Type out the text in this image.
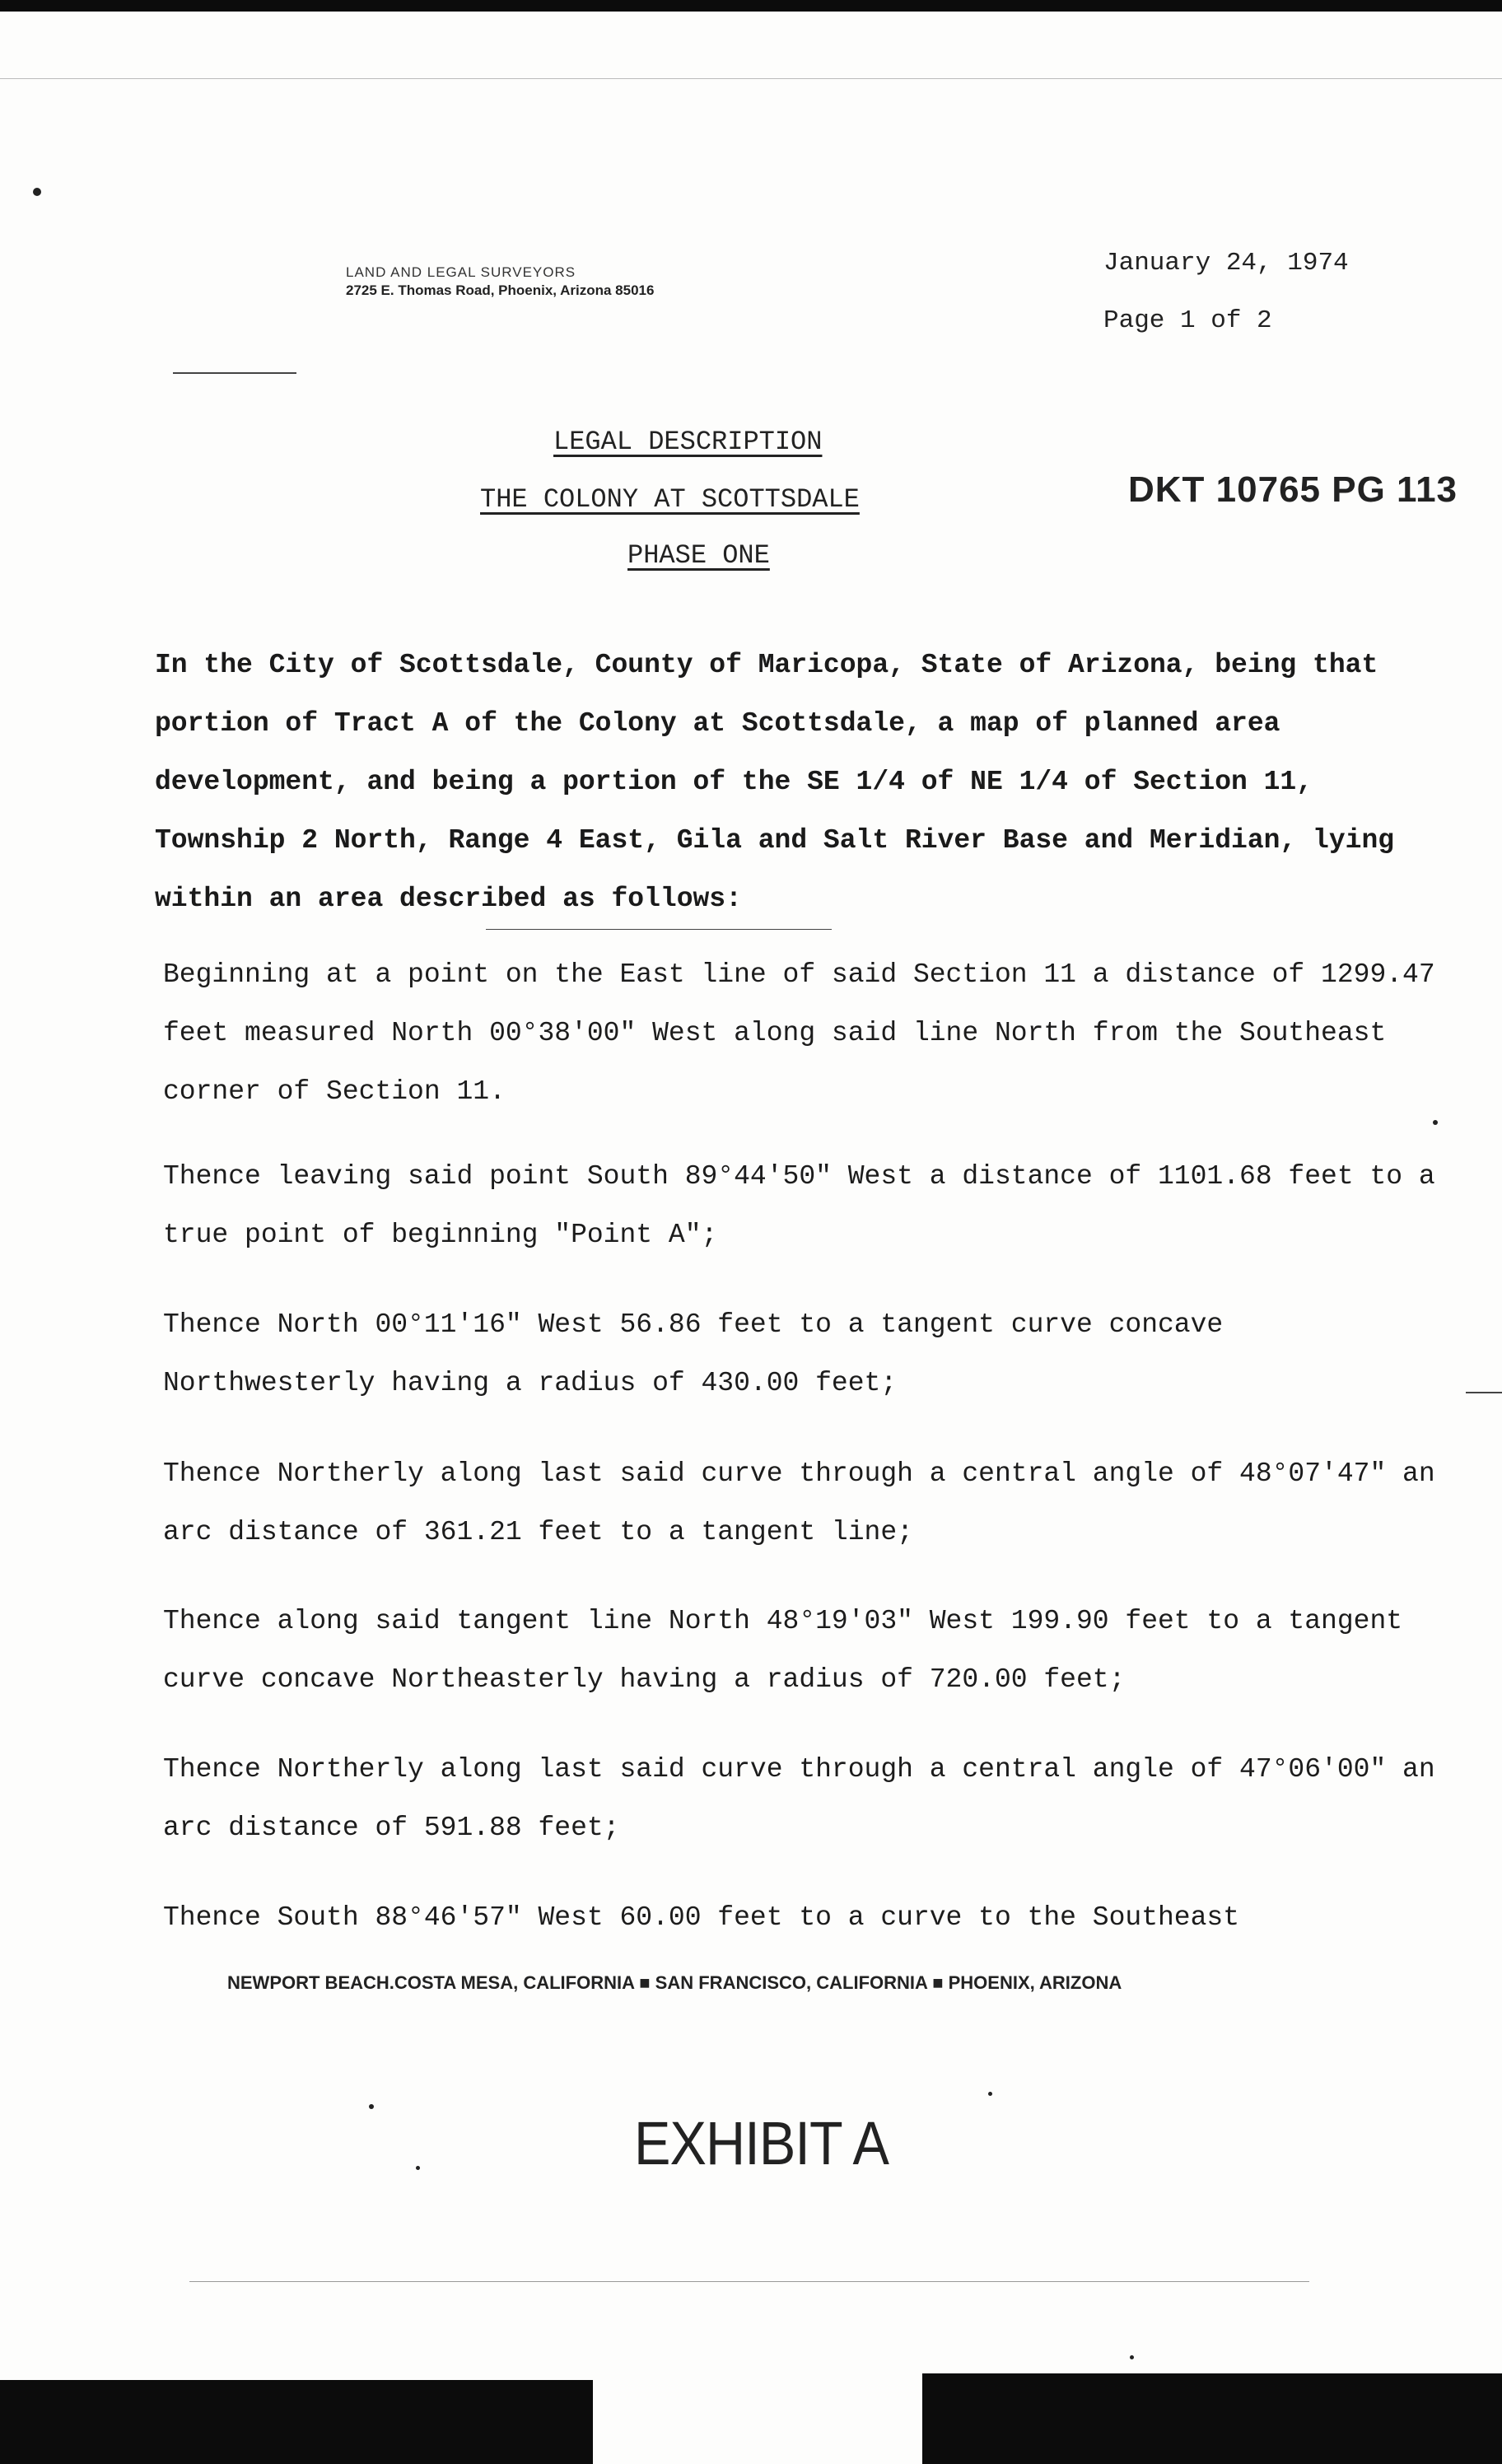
LAND AND LEGAL SURVEYORS
2725 E. Thomas Road, Phoenix, Arizona 85016
January 24, 1974
Page 1 of 2
LEGAL DESCRIPTION
THE COLONY AT SCOTTSDALE
PHASE ONE
DKT 10765 PG 113
In the City of Scottsdale, County of Maricopa, State of Arizona, being that portion of Tract A of the Colony at Scottsdale, a map of planned area development, and being a portion of the SE 1/4 of NE 1/4 of Section 11, Township 2 North, Range 4 East, Gila and Salt River Base and Meridian, lying within an area described as follows:
Beginning at a point on the East line of said Section 11 a distance of 1299.47 feet measured North 00°38'00" West along said line North from the Southeast corner of Section 11.
Thence leaving said point South 89°44'50" West a distance of 1101.68 feet to a true point of beginning "Point A";
Thence North 00°11'16" West 56.86 feet to a tangent curve concave Northwesterly having a radius of 430.00 feet;
Thence Northerly along last said curve through a central angle of 48°07'47" an arc distance of 361.21 feet to a tangent line;
Thence along said tangent line North 48°19'03" West 199.90 feet to a tangent curve concave Northeasterly having a radius of 720.00 feet;
Thence Northerly along last said curve through a central angle of 47°06'00" an arc distance of 591.88 feet;
Thence South 88°46'57" West 60.00 feet to a curve to the Southeast
NEWPORT BEACH.COSTA MESA, CALIFORNIA ■ SAN FRANCISCO, CALIFORNIA ■ PHOENIX, ARIZONA
EXHIBIT A
